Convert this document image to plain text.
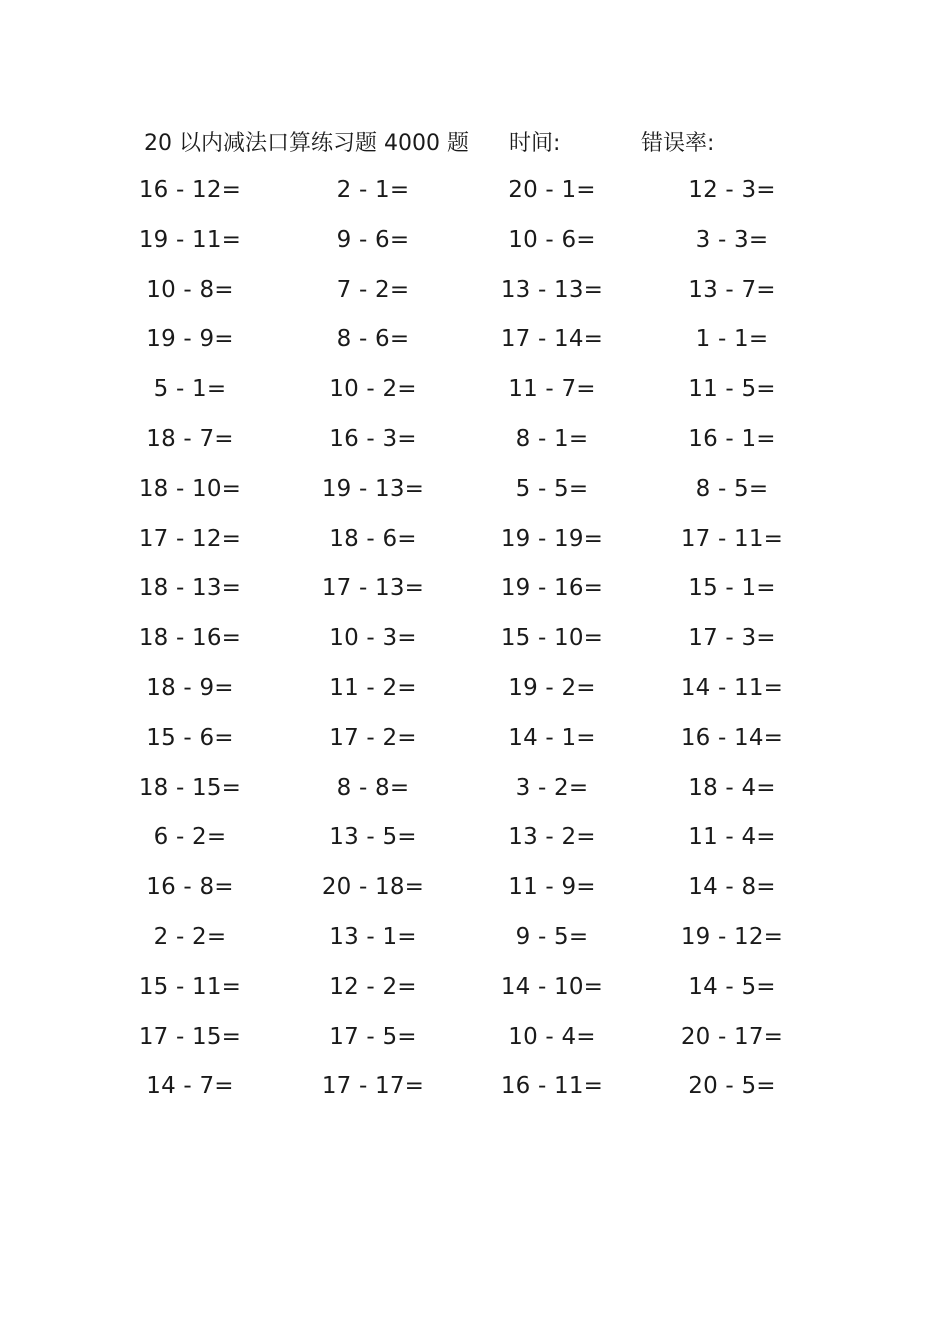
20 以内减法口算练习题 4000 题 时间:	错误率:
16 - 12=	2 - 1=	20 - 1=	12 - 3=
19 - 11=	9 - 6=	10 - 6=	3 - 3=
10 - 8=	7 - 2=	13 - 13=	13 - 7=
19 - 9=	8 - 6=	17 - 14=	1 - 1=
5 - 1=	10 - 2=	11 - 7=	11 - 5=
18 - 7=	16 - 3=	8 - 1=	16 - 1=
18 - 10=	19 - 13=	5 - 5=	8 - 5=
17 - 12=	18 - 6=	19 - 19=	17 - 11=
18 - 13=	17 - 13=	19 - 16=	15 - 1=
18 - 16=	10 - 3=	15 - 10=	17 - 3=
18 - 9=	11 - 2=	19 - 2=	14 - 11=
15 - 6=	17 - 2=	14 - 1=	16 - 14=
18 - 15=	8 - 8=	3 - 2=	18 - 4=
6 - 2=	13 - 5=	13 - 2=	11 - 4=
16 - 8=	20 - 18=	11 - 9=	14 - 8=
2 - 2=	13 - 1=	9 - 5=	19 - 12=
15 - 11=	12 - 2=	14 - 10=	14 - 5=
17 - 15=	17 - 5=	10 - 4=	20 - 17=
14 - 7=	17 - 17=	16 - 11=	20 - 5=
